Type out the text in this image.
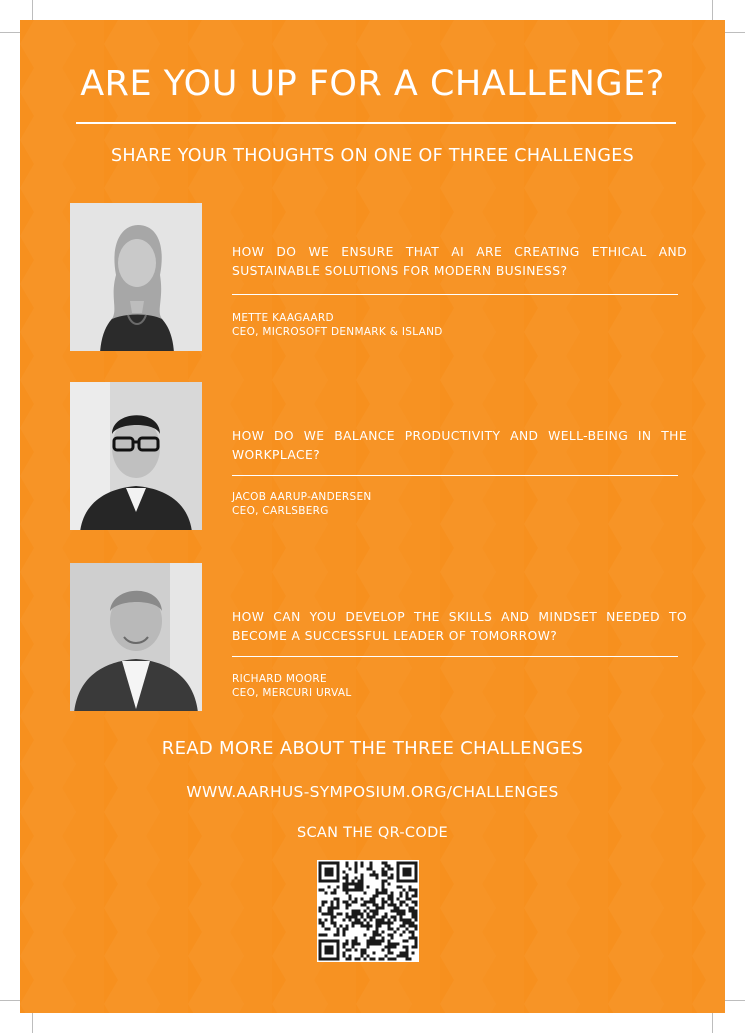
ARE YOU UP FOR A CHALLENGE?
SHARE YOUR THOUGHTS ON ONE OF THREE CHALLENGES
HOW DO WE ENSURE THAT AI ARE CREATING ETHICAL AND SUSTAINABLE SOLUTIONS FOR MODERN BUSINESS?
METTE KAAGAARD
CEO, MICROSOFT DENMARK & ISLAND
HOW DO WE BALANCE PRODUCTIVITY AND WELL-BEING IN THE WORKPLACE?
JACOB AARUP-ANDERSEN
CEO, CARLSBERG
HOW CAN YOU DEVELOP THE SKILLS AND MINDSET NEEDED TO BECOME A SUCCESSFUL LEADER OF TOMORROW?
RICHARD MOORE
CEO, MERCURI URVAL
READ MORE ABOUT THE THREE CHALLENGES
WWW.AARHUS-SYMPOSIUM.ORG/CHALLENGES
SCAN THE QR-CODE
